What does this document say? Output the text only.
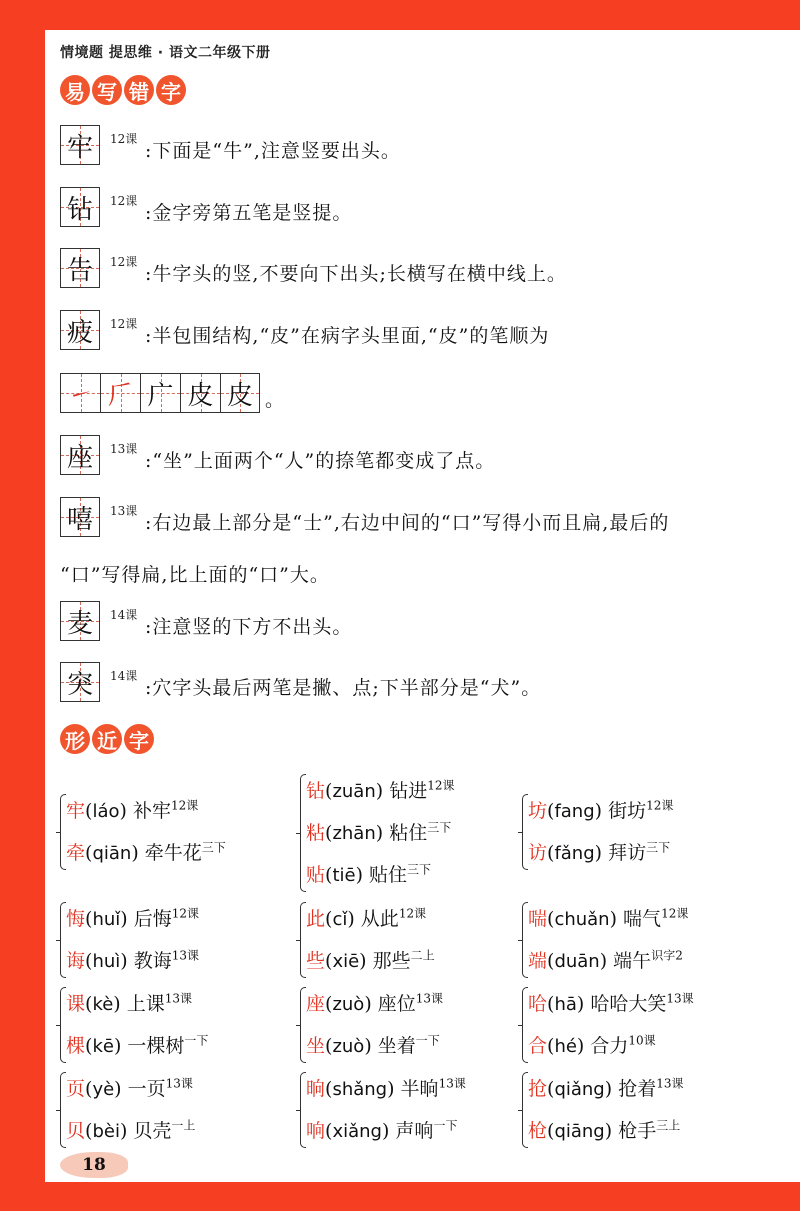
情境题 提思维 · 语文二年级下册
易 写 错 字
牢 12课
:下面是“牛”,注意竖要出头。
钻 12课
:金字旁第五笔是竖提。
告 12课
:牛字头的竖,不要向下出头;长横写在横中线上。
疲 12课
:半包围结构,“皮”在病字头里面,“皮”的笔顺为
㇀ 𠂆 广 皮 皮 。
座 13课
:“坐”上面两个“人”的捺笔都变成了点。
嘻 13课
:右边最上部分是“士”,右边中间的“口”写得小而且扁,最后的
“口”写得扁,比上面的“口”大。
麦 14课
:注意竖的下方不出头。
突 14课
:穴字头最后两笔是撇、点;下半部分是“犬”。
形 近 字
牢(láo) 补牢$^{12课}$
牵(qiān) 牵牛花$^{三下}$
钻(zuān) 钻进$^{12课}$
粘(zhān) 粘住$^{三下}$
贴(tiē) 贴住$^{三下}$
坊(fang) 街坊$^{12课}$
访(fǎng) 拜访$^{三下}$
悔(huǐ) 后悔$^{12课}$
诲(huì) 教诲$^{13课}$
此(cǐ) 从此$^{12课}$
些(xiē) 那些$^{二上}$
喘(chuǎn) 喘气$^{12课}$
端(duān) 端午$^{识字2}$
课(kè) 上课$^{13课}$
棵(kē) 一棵树$^{一下}$
座(zuò) 座位$^{13课}$
坐(zuò) 坐着$^{一下}$
哈(hā) 哈哈大笑$^{13课}$
合(hé) 合力$^{10课}$
页(yè) 一页$^{13课}$
贝(bèi) 贝壳$^{一上}$
晌(shǎng) 半晌$^{13课}$
响(xiǎng) 声响$^{一下}$
抢(qiǎng) 抢着$^{13课}$
枪(qiāng) 枪手$^{三上}$
18
